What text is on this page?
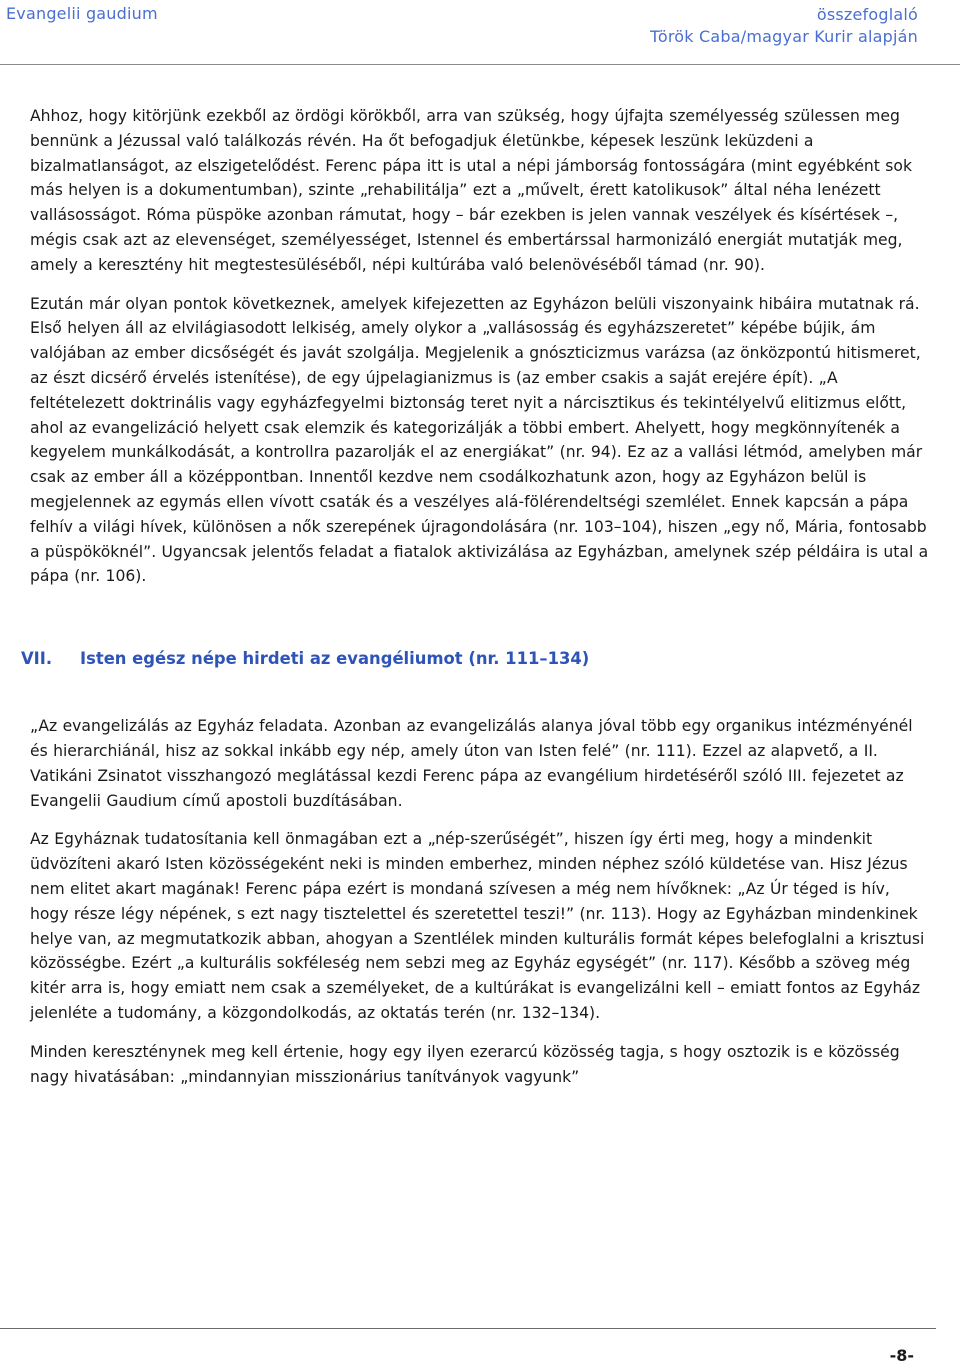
Evangelii gaudium	összefoglaló
Török Caba/magyar Kurir alapján

Ahhoz, hogy kitörjünk ezekből az ördögi körökből, arra van szükség, hogy újfajta személyesség szülessen meg bennünk a Jézussal való találkozás révén. Ha őt befogadjuk életünkbe, képesek leszünk leküzdeni a bizalmatlanságot, az elszigetelődést. Ferenc pápa itt is utal a népi jámborság fontosságára (mint egyébként sok más helyen is a dokumentumban), szinte „rehabilitálja” ezt a „művelt, érett katolikusok” által néha lenézett vallásosságot. Róma püspöke azonban rámutat, hogy – bár ezekben is jelen vannak veszélyek és kísértések –, mégis csak azt az elevenséget, személyességet, Istennel és embertárssal harmonizáló energiát mutatják meg, amely a keresztény hit megtestesüléséből, népi kultúrába való belenövéséből támad (nr. 90).

Ezután már olyan pontok következnek, amelyek kifejezetten az Egyházon belüli viszonyaink hibáira mutatnak rá. Első helyen áll az elvilágiasodott lelkiség, amely olykor a „vallásosság és egyházszeretet” képébe bújik, ám valójában az ember dicsőségét és javát szolgálja. Megjelenik a gnószticizmus varázsa (az önközpontú hitismeret, az észt dicsérő érvelés istenítése), de egy újpelagianizmus is (az ember csakis a saját erejére épít). „A feltételezett doktrinális vagy egyházfegyelmi biztonság teret nyit a nárcisztikus és tekintélyelvű elitizmus előtt, ahol az evangelizáció helyett csak elemzik és kategorizálják a többi embert. Ahelyett, hogy megkönnyítenék a kegyelem munkálkodását, a kontrollra pazarolják el az energiákat” (nr. 94). Ez az a vallási létmód, amelyben már csak az ember áll a középpontban. Innentől kezdve nem csodálkozhatunk azon, hogy az Egyházon belül is megjelennek az egymás ellen vívott csaták és a veszélyes alá-fölérendeltségi szemlélet. Ennek kapcsán a pápa felhív a világi hívek, különösen a nők szerepének újragondolására (nr. 103–104), hiszen „egy nő, Mária, fontosabb a püspököknél”. Ugyancsak jelentős feladat a fiatalok aktivizálása az Egyházban, amelynek szép példáira is utal a pápa (nr. 106).

VII.	Isten egész népe hirdeti az evangéliumot (nr. 111–134)

„Az evangelizálás az Egyház feladata. Azonban az evangelizálás alanya jóval több egy organikus intézményénél és hierarchiánál, hisz az sokkal inkább egy nép, amely úton van Isten felé” (nr. 111). Ezzel az alapvető, a II. Vatikáni Zsinatot visszhangozó meglátással kezdi Ferenc pápa az evangélium hirdetéséről szóló III. fejezetet az Evangelii Gaudium című apostoli buzdításában.

Az Egyháznak tudatosítania kell önmagában ezt a „nép-szerűségét”, hiszen így érti meg, hogy a mindenkit üdvözíteni akaró Isten közösségeként neki is minden emberhez, minden néphez szóló küldetése van. Hisz Jézus nem elitet akart magának! Ferenc pápa ezért is mondaná szívesen a még nem hívőknek: „Az Úr téged is hív, hogy része légy népének, s ezt nagy tisztelettel és szeretettel teszi!” (nr. 113). Hogy az Egyházban mindenkinek helye van, az megmutatkozik abban, ahogyan a Szentlélek minden kulturális formát képes belefoglalni a krisztusi közösségbe. Ezért „a kulturális sokféleség nem sebzi meg az Egyház egységét” (nr. 117). Később a szöveg még kitér arra is, hogy emiatt nem csak a személyeket, de a kultúrákat is evangelizálni kell – emiatt fontos az Egyház jelenléte a tudomány, a közgondolkodás, az oktatás terén (nr. 132–134).

Minden kereszténynek meg kell értenie, hogy egy ilyen ezerarcú közösség tagja, s hogy osztozik is e közösség nagy hivatásában: „mindannyian misszionárius tanítványok vagyunk”

-8-
